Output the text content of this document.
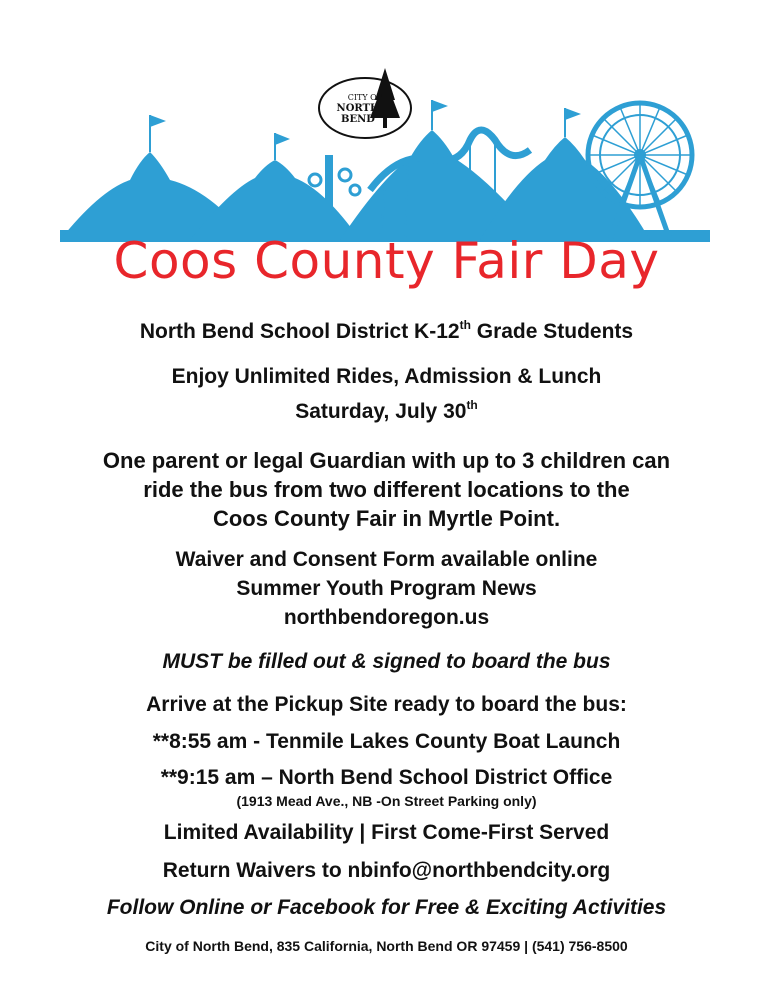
CITY OF
NORTH BEND
Coos County Fair Day
North Bend School District K-12th Grade Students
Enjoy Unlimited Rides, Admission & Lunch
Saturday, July 30th
One parent or legal Guardian with up to 3 children can
ride the bus from two different locations to the
Coos County Fair in Myrtle Point.
Waiver and Consent Form available online
Summer Youth Program News
northbendoregon.us
MUST be filled out & signed to board the bus
Arrive at the Pickup Site ready to board the bus:
**8:55 am - Tenmile Lakes County Boat Launch
**9:15 am – North Bend School District Office
(1913 Mead Ave., NB -On Street Parking only)
Limited Availability | First Come-First Served
Return Waivers to nbinfo@northbendcity.org
Follow Online or Facebook for Free & Exciting Activities
City of North Bend, 835 California, North Bend OR 97459 | (541) 756-8500
